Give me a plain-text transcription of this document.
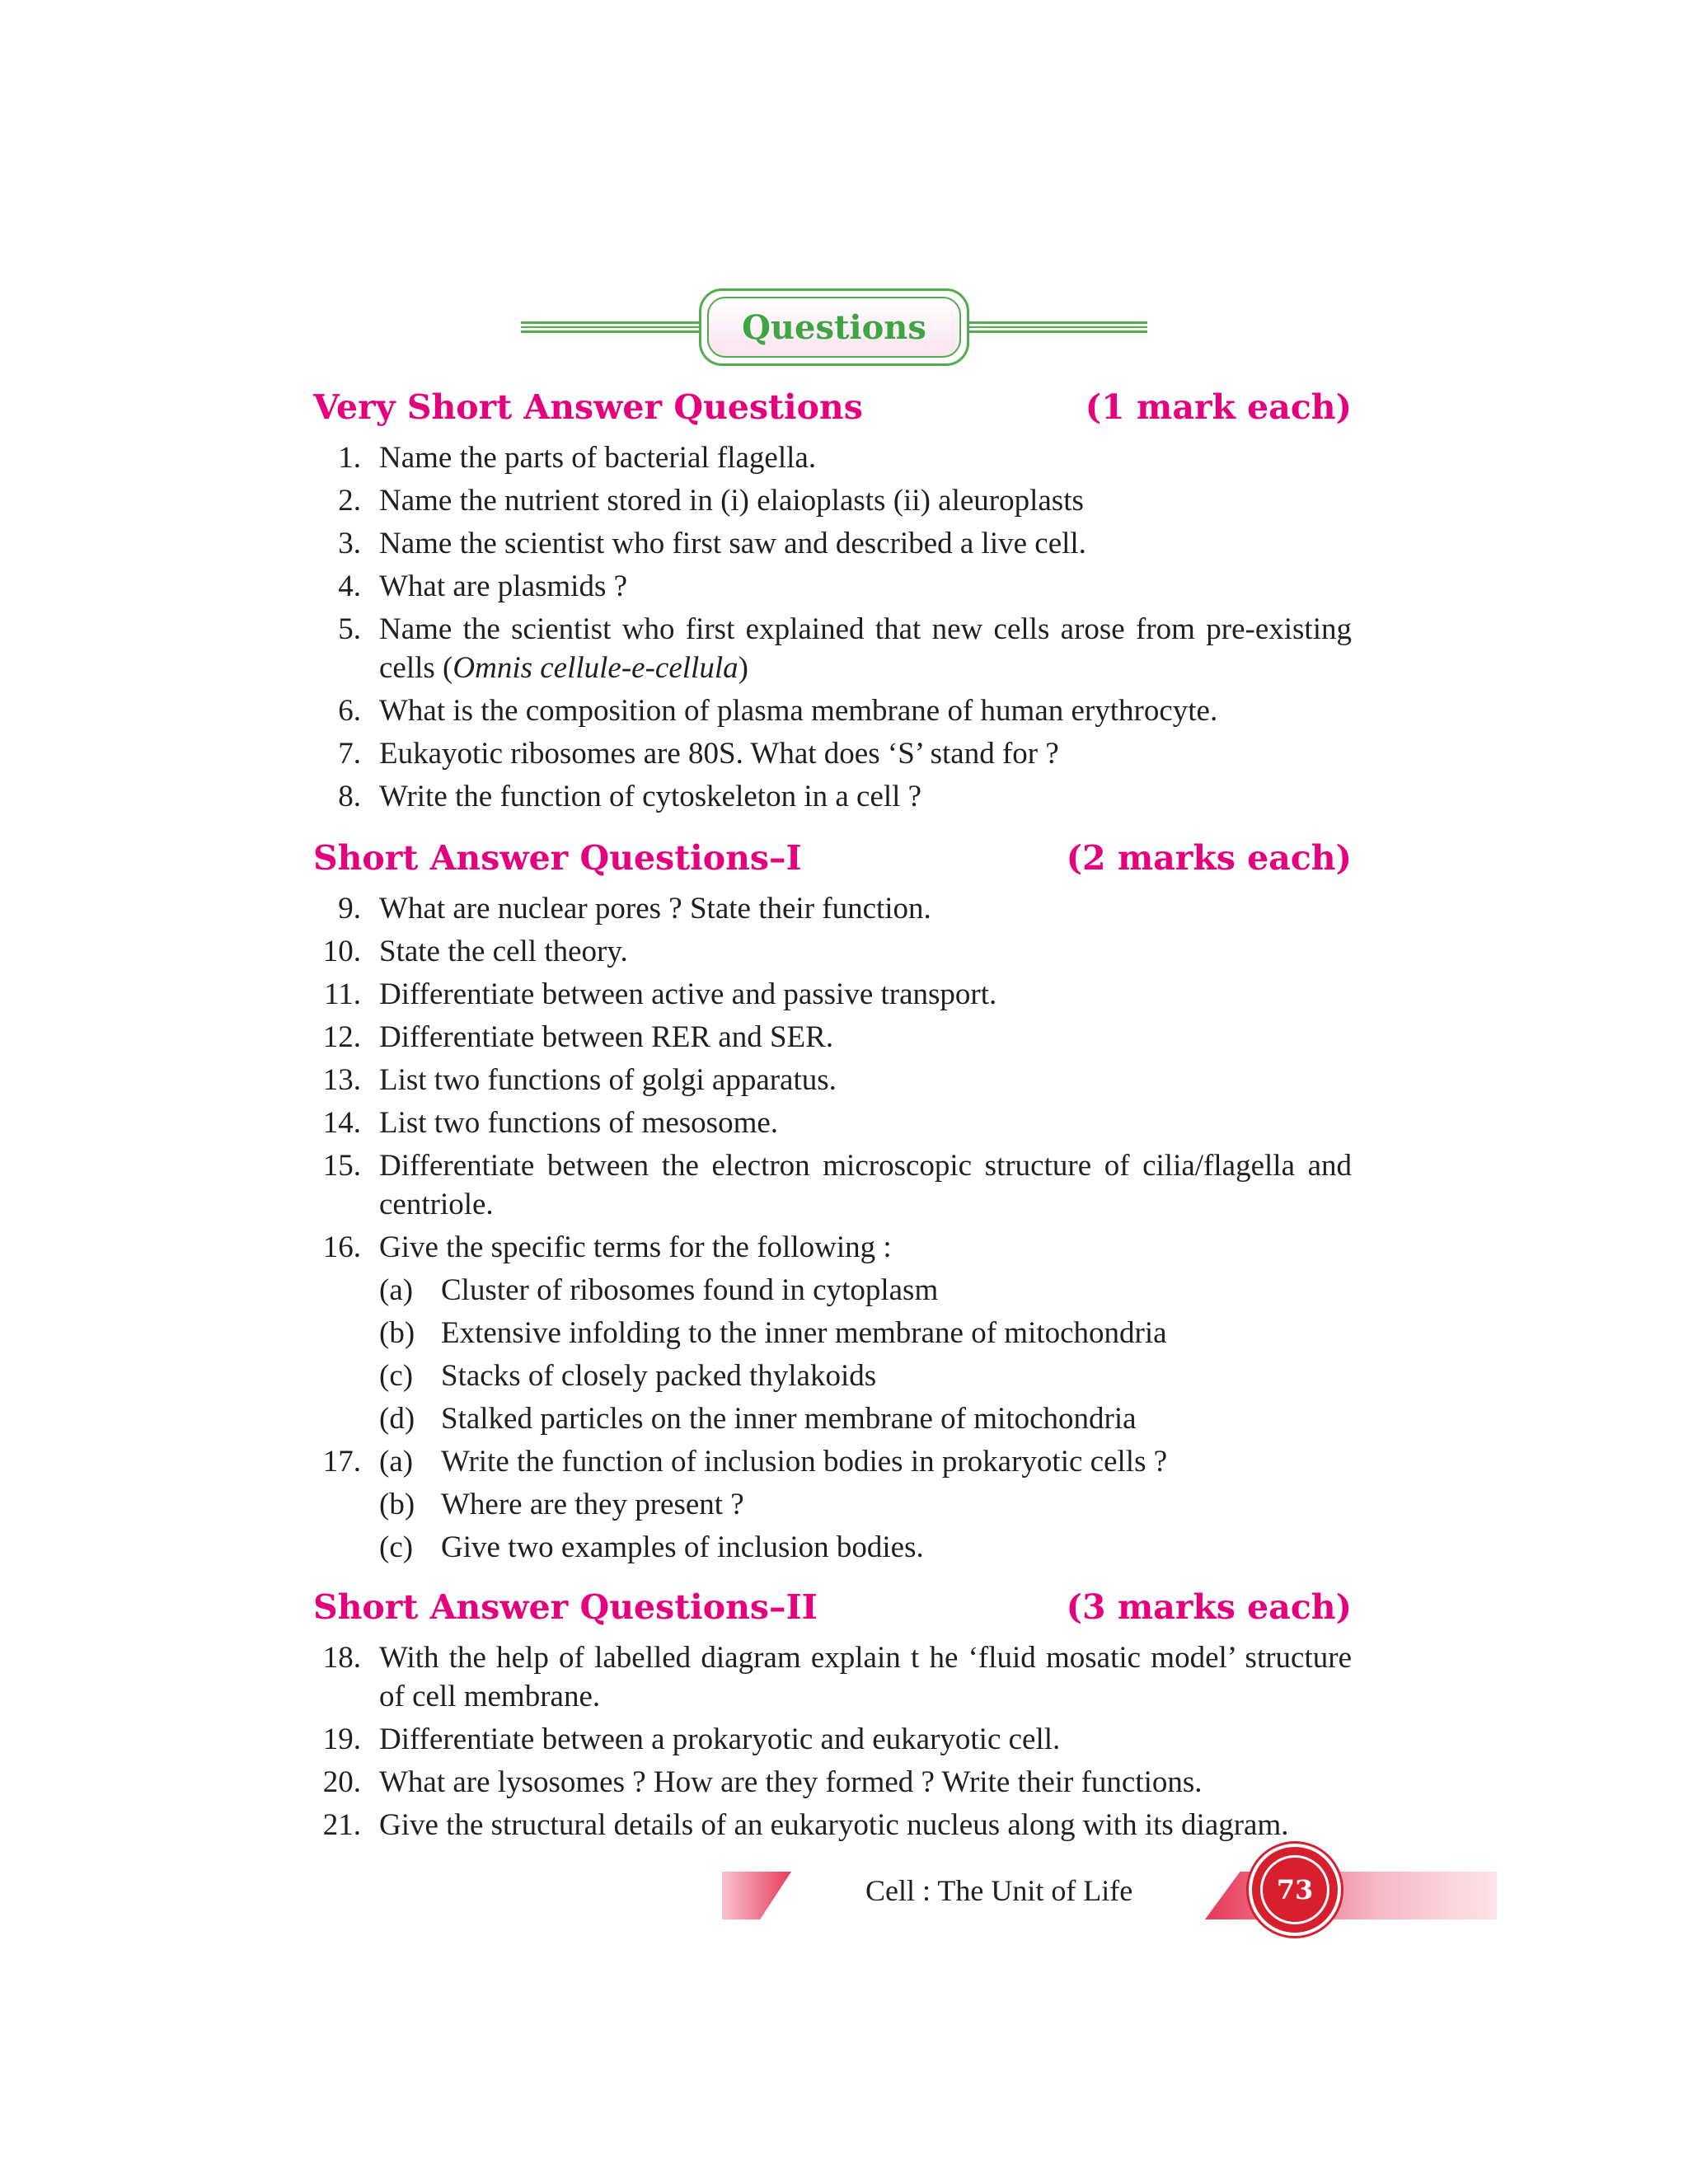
Questions
Very Short Answer Questions	(1 mark each)
1. Name the parts of bacterial flagella.
2. Name the nutrient stored in (i) elaioplasts (ii) aleuroplasts
3. Name the scientist who first saw and described a live cell.
4. What are plasmids ?
5. Name the scientist who first explained that new cells arose from pre-existing
cells (Omnis cellule-e-cellula)
6. What is the composition of plasma membrane of human erythrocyte.
7. Eukayotic ribosomes are 80S. What does ‘S’ stand for ?
8. Write the function of cytoskeleton in a cell ?
Short Answer Questions–I	(2 marks each)
9. What are nuclear pores ? State their function.
10. State the cell theory.
11. Differentiate between active and passive transport.
12. Differentiate between RER and SER.
13. List two functions of golgi apparatus.
14. List two functions of mesosome.
15. Differentiate between the electron microscopic structure of cilia/flagella and
centriole.
16. Give the specific terms for the following :
(a) Cluster of ribosomes found in cytoplasm
(b) Extensive infolding to the inner membrane of mitochondria
(c) Stacks of closely packed thylakoids
(d) Stalked particles on the inner membrane of mitochondria
17. (a) Write the function of inclusion bodies in prokaryotic cells ?
(b) Where are they present ?
(c) Give two examples of inclusion bodies.
Short Answer Questions–II	(3 marks each)
18. With the help of labelled diagram explain t he ‘fluid mosatic model’ structure
of cell membrane.
19. Differentiate between a prokaryotic and eukaryotic cell.
20. What are lysosomes ? How are they formed ? Write their functions.
21. Give the structural details of an eukaryotic nucleus along with its diagram.
Cell : The Unit of Life	73
